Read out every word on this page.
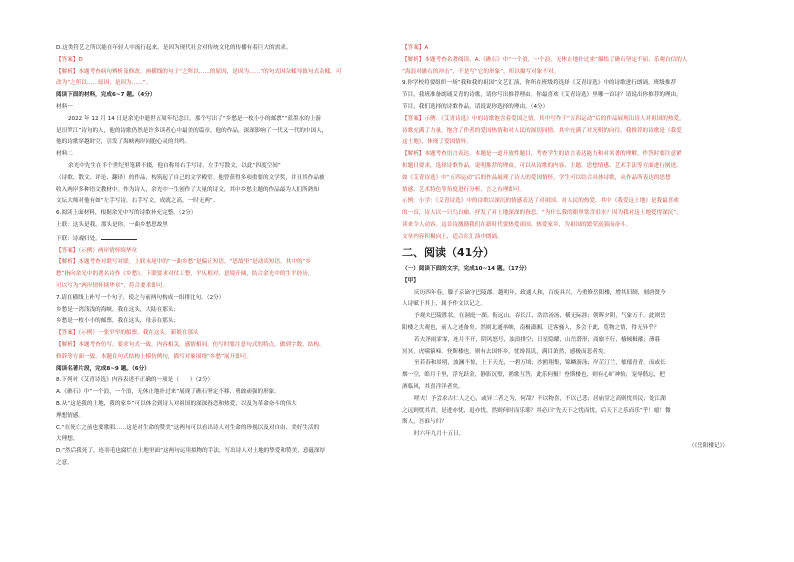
D.这类符艺之所以能在年轻人中流行起来，是因为现代社会对传统文化的传播有着巨大的需求。

【答案】D

【解析】本题考查病句辨析及修改。画横线的句子“之所以……的原因，是因为……”的句式因杂糅导致句式杂糅。可

改为“之所以……原因，是因为……”。

阅读下面的材料，完成6~7 题。（4分）

材料一

2022 年 12 月 14 日是余光中逝世五周年纪念日。那个写出了“乡愁是一枚小小的邮票”“蓝墨水的上游

是汨罗江”诗句的人，他的诗歌仍然是许多读者心中最美的篇章。他的作品，深深影响了一代又一代的中国人，

他的诗歌穿越时空，引发了海峡两岸同胞心灵的共鸣。

材料二

余光中先生在半个世纪里笔耕不辍，他自称用右手写诗、左手写散文，以此“四度空间”

（诗歌、散文、评论、翻译）的作品，构筑起了自己的文学殿堂。他曾获得多项重要的文学奖，并且其作品被

收入两岸多种语文教材中。作为诗人，余光中一生创作了大量的诗文，其中乡愁主题的作品最为人们所熟知

文坛大师对他有如“左手写诗，右手写文，成就之高，一时无两”。

6.阅读上面材料，根据余光中写的诗歌补充完整。（2分）

上联：这头是我，那头是你，一曲乡愁思故里

下联：诗魂归处，

【答案】（示例）两岸情怀续华章

【解析】本题考查对联写对联。上联末尾中的“一曲乡愁”是偏正短语，“思故里”是动宾短语，其中的“乡

愁”指向余光中的著名诗作《乡愁》，下联要求对仗工整、平仄相对，意境开阔，结合余光中的生平经历，

可以写为“两岸情怀续华章”，符合要求即可。

7.请在横线上补写一个句子，使之与前两句构成一组排比句。（2分）

乡愁是一湾浅浅的海峡，我在这头，大陆在那头；

乡愁是一枚小小的邮票，我在这头，母亲在那头；

【答案】（示例）一张窄窄的船票，我在这头，新娘在那头

【解析】本题考查仿写。要求句式一致，内容相关，感情相同。仿写时要注意句式的特点，做到字数、结构、

修辞等方面一致。本题在句式结构上模仿例句，描写对象围绕“乡愁”展开即可。

阅读名著片段，完成8~9 题。（6分）

8.下列对《艾青诗选》内容表述不正确的一项是（　　）（2分）

A.《礁石》中“一个浪，一个浪，无休止地扑过来”展现了礁石坚定不移、勇敢顽强的形象。

B.从“这是我的土地，我的家乡”可以体会到诗人对祖国的深深眷恋和热爱，以及为革命奋斗的伟大

理想情感。

C.“在死亡之前也要歌唱……这是对生命的赞美”这两句可以看出诗人对生命的珍视以及对自由、美好生活的

大理想。

D.“然后我死了，连羽毛也腐烂在土地里面”这两句运用拟物的手法，写出诗人对土地的挚爱和赞美，意蕴深厚

之意。

【答案】A

【解析】本题考查名著阅读。A.《礁石》中“一个浪，一个浪，无休止地扑过来”描绘了礁石坚定不屈、乐观自信的人

“海浪对礁石的冲击”，不是写“它的形象”，所以描写对象不对。

9.你学校将要组织一场“我和我的祖国”文艺汇演，你所在班级将选择《艾青诗选》中的诗歌进行朗诵。班级推荐

节目，我班准备朗诵艾青的诗歌，请你写出推荐理由。你最喜欢《艾青诗选》里哪一首诗？请说出你推荐的理由。

节目，我们选择的诗歌作品，请说说你选择的理由。（4分）

【答案】示例：《艾青诗选》中的诗歌饱含着爱国之情，其中写作于“五四运动”后的作品展现出诗人对祖国的热爱，

诗歌充满了力量，饱含了作者的爱国热情和对人民的深切同情，其中充满了对光明的向往。我推荐的诗歌是《我爱

这土地》，体现了爱国情怀。

【解析】本题考查语言表达。本题是一道开放性题目，考查学生的语言表达能力和对名著的理解。作答时要注意紧

扣题目要求，选择诗歌作品，说明推荐的理由。可以从诗歌的内容、主题、思想情感、艺术手法等方面进行阐述。

如《艾青诗选》中“五四运动”后的作品展现了诗人的爱国情怀，学生可以结合具体诗歌，从作品所表达的思想

情感、艺术特色等角度进行分析，言之有理即可。

示例：小学：《艾青诗选》中的诗歌以深沉的情感表达了对祖国、对人民的热爱，其中《我爱这土地》是我最喜欢

的一首，诗人以一只鸟自喻，抒发了对土地深深的眷恋，“为什么我的眼里常含泪水？因为我对这土地爱得深沉”，

读来令人动容。这首诗激励我们在新时代要热爱祖国、热爱家乡，为祖国的繁荣富强而奋斗。

文章内容积极向上，适合在汇演中朗诵。

二、阅读（41分）

（一）阅读下面的文字，完成10~14 题。（17分）

【甲】

庆历四年春，滕子京谪守巴陵郡。越明年，政通人和，百废具兴。乃重修岳阳楼，增其旧制，刻唐贤今

人诗赋于其上，属予作文以记之。

予观夫巴陵胜状，在洞庭一湖。衔远山，吞长江，浩浩汤汤，横无际涯；朝晖夕阴，气象万千。此则岳

阳楼之大观也，前人之述备矣。然则北通巫峡，南极潇湘，迁客骚人，多会于此，览物之情，得无异乎？

若夫淫雨霏霏，连月不开，阴风怒号，浊浪排空；日星隐曜，山岳潜形；商旅不行，樯倾楫摧；薄暮

冥冥，虎啸猿啼。登斯楼也，则有去国怀乡，忧谗畏讥，满目萧然，感极而悲者矣。

至若春和景明，波澜不惊，上下天光，一碧万顷；沙鸥翔集，锦鳞游泳；岸芷汀兰，郁郁青青。而或长

烟一空，皓月千里，浮光跃金，静影沉璧，渔歌互答，此乐何极！登斯楼也，则有心旷神怡，宠辱偕忘，把

酒临风，其喜洋洋者矣。

嗟夫！予尝求古仁人之心，或异二者之为，何哉？不以物喜，不以己悲；居庙堂之高则忧其民；处江湖

之远则忧其君。是进亦忧，退亦忧。然则何时而乐耶？其必曰“先天下之忧而忧，后天下之乐而乐”乎！噫！微

斯人，吾谁与归？

时六年九月十五日。

（《岳阳楼记》）
